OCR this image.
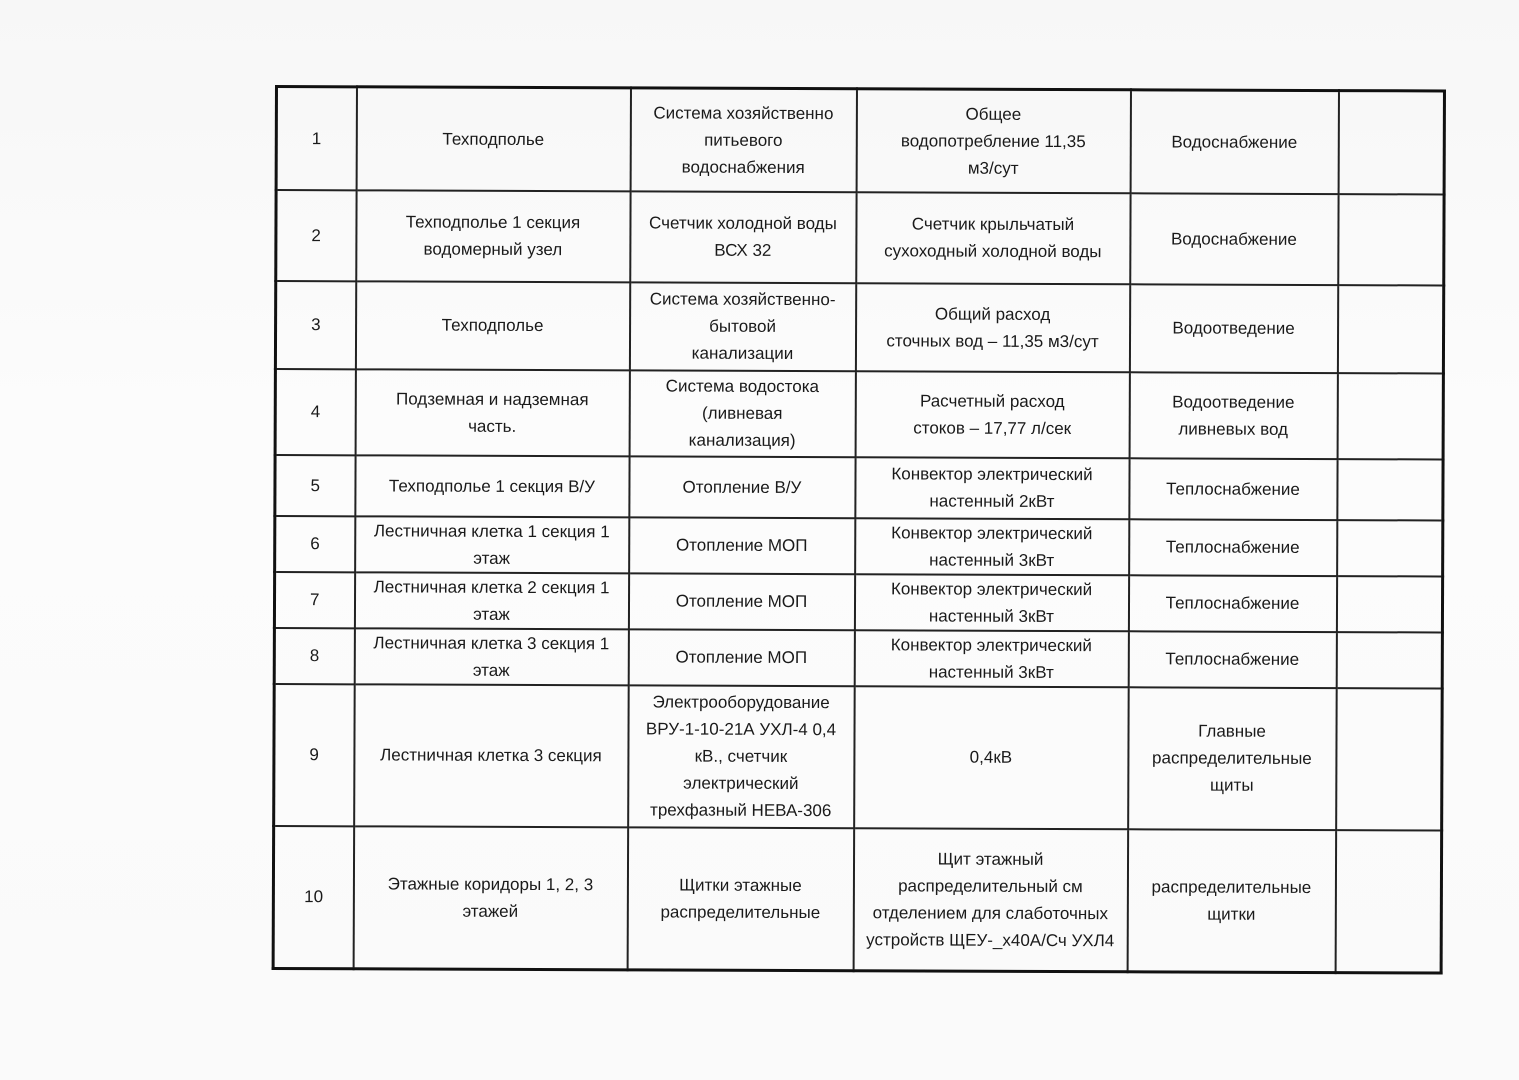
1	Техподполье	Система хозяйственно
питьевого
водоснабжения	Общее
водопотребление 11,35
м3/сут	Водоснабжение	
2	Техподполье 1 секция
водомерный узел	Счетчик холодной воды
ВСХ 32	Счетчик крыльчатый
сухоходный холодной воды	Водоснабжение	
3	Техподполье	Система хозяйственно-
бытовой
канализации	Общий расход
сточных вод – 11,35 м3/сут	Водоотведение	
4	Подземная и надземная
часть.	Система водостока
(ливневая
канализация)	Расчетный расход
стоков – 17,77 л/сек	Водоотведение
ливневых вод	
5	Техподполье 1 секция В/У	Отопление В/У	Конвектор электрический
настенный 2кВт	Теплоснабжение	
6	Лестничная клетка 1 секция 1
этаж	Отопление МОП	Конвектор электрический
настенный 3кВт	Теплоснабжение	
7	Лестничная клетка 2 секция 1
этаж	Отопление МОП	Конвектор электрический
настенный 3кВт	Теплоснабжение	
8	Лестничная клетка 3 секция 1
этаж	Отопление МОП	Конвектор электрический
настенный 3кВт	Теплоснабжение	
9	Лестничная клетка 3 секция	Электрооборудование
ВРУ-1-10-21А УХЛ-4 0,4
кВ., счетчик
электрический
трехфазный НЕВА-306	0,4кВ	Главные
распределительные
щиты	
10	Этажные коридоры 1, 2, 3
этажей	Щитки этажные
распределительные	Щит этажный
распределительный см
отделением для слаботочных
устройств ЩЕУ-_х40А/Сч УХЛ4	распределительные
щитки	
